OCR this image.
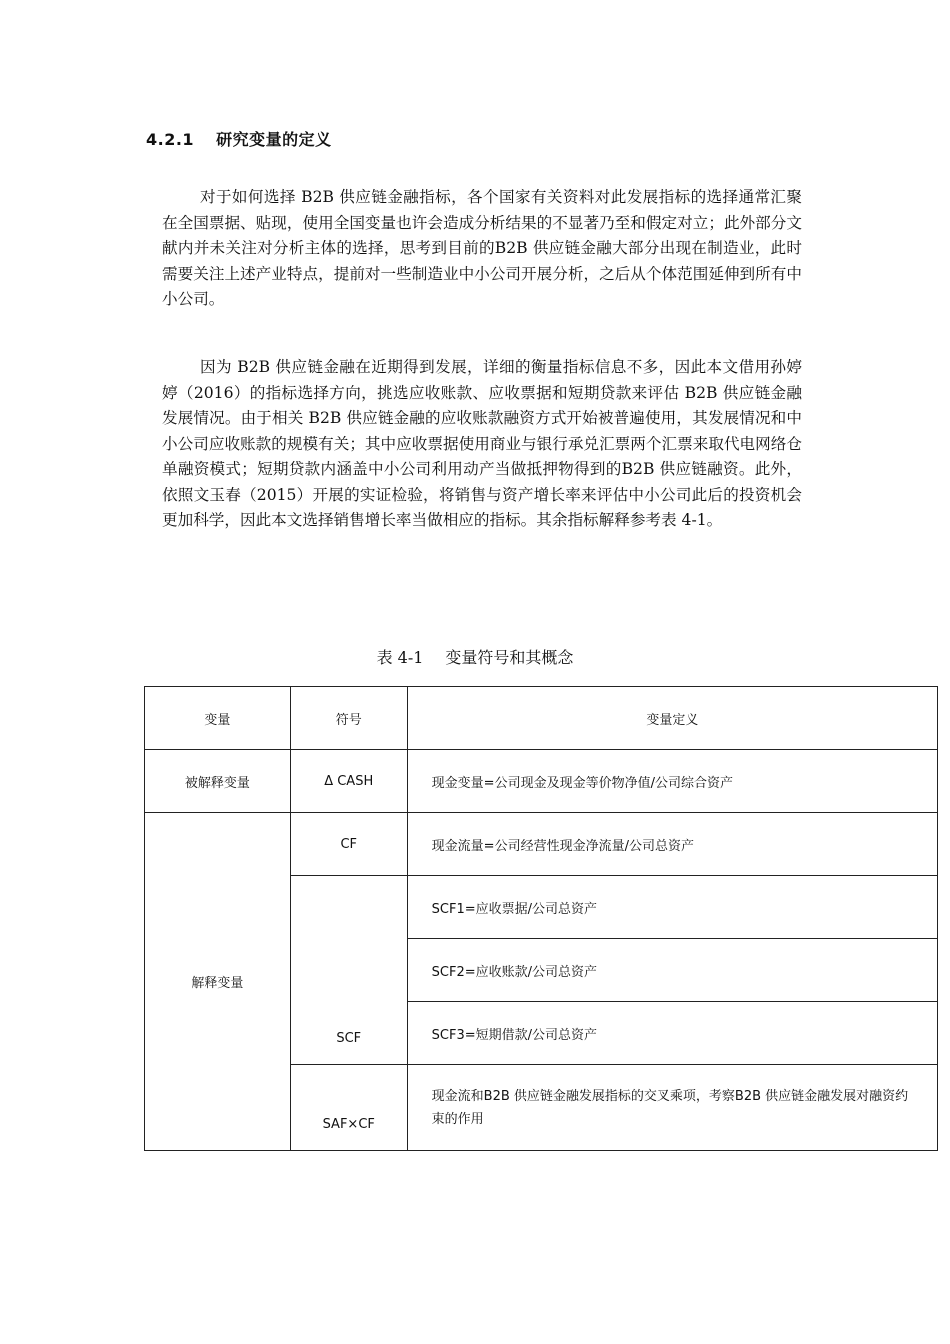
4.2.1 研究变量的定义
对于如何选择 B2B 供应链金融指标，各个国家有关资料对此发展指标的选择通常汇聚在全国票据、贴现，使用全国变量也许会造成分析结果的不显著乃至和假定对立；此外部分文献内并未关注对分析主体的选择，思考到目前的B2B 供应链金融大部分出现在制造业，此时需要关注上述产业特点，提前对一些制造业中小公司开展分析，之后从个体范围延伸到所有中小公司。
因为 B2B 供应链金融在近期得到发展，详细的衡量指标信息不多，因此本文借用孙婷婷（2016）的指标选择方向，挑选应收账款、应收票据和短期贷款来评估 B2B 供应链金融发展情况。由于相关 B2B 供应链金融的应收账款融资方式开始被普遍使用，其发展情况和中小公司应收账款的规模有关；其中应收票据使用商业与银行承兑汇票两个汇票来取代电网络仓单融资模式；短期贷款内涵盖中小公司利用动产当做抵押物得到的B2B 供应链融资。此外，依照文玉春（2015）开展的实证检验，将销售与资产增长率来评估中小公司此后的投资机会更加科学，因此本文选择销售增长率当做相应的指标。其余指标解释参考表 4-1。
表 4-1 变量符号和其概念
变量	符号	变量定义
被解释变量	Δ CASH	现金变量=公司现金及现金等价物净值/公司综合资产
解释变量	CF	现金流量=公司经营性现金净流量/公司总资产
	SCF	SCF1=应收票据/公司总资产
		SCF2=应收账款/公司总资产
		SCF3=短期借款/公司总资产
	SAF×CF	现金流和B2B 供应链金融发展指标的交叉乘项，考察B2B 供应链金融发展对融资约束的作用
